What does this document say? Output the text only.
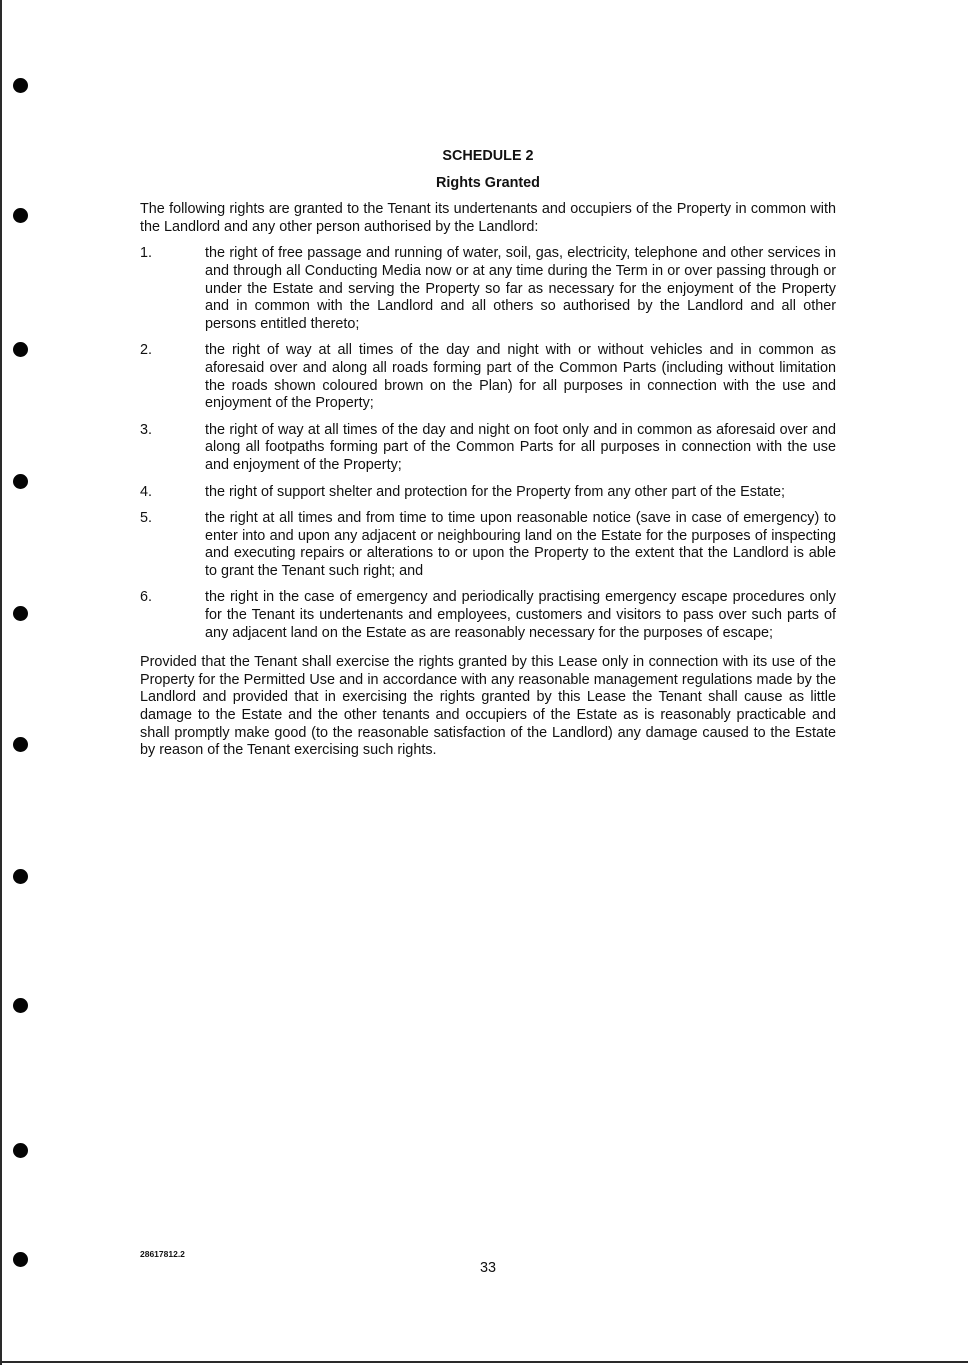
SCHEDULE 2

Rights Granted

The following rights are granted to the Tenant its undertenants and occupiers of the Property in common with the Landlord and any other person authorised by the Landlord:

1.	the right of free passage and running of water, soil, gas, electricity, telephone and other services in and through all Conducting Media now or at any time during the Term in or over passing through or under the Estate and serving the Property so far as necessary for the enjoyment of the Property and in common with the Landlord and all others so authorised by the Landlord and all other persons entitled thereto;
2.	the right of way at all times of the day and night with or without vehicles and in common as aforesaid over and along all roads forming part of the Common Parts (including without limitation the roads shown coloured brown on the Plan) for all purposes in connection with the use and enjoyment of the Property;
3.	the right of way at all times of the day and night on foot only and in common as aforesaid over and along all footpaths forming part of the Common Parts for all purposes in connection with the use and enjoyment of the Property;
4.	the right of support shelter and protection for the Property from any other part of the Estate;
5.	the right at all times and from time to time upon reasonable notice (save in case of emergency) to enter into and upon any adjacent or neighbouring land on the Estate for the purposes of inspecting and executing repairs or alterations to or upon the Property to the extent that the Landlord is able to grant the Tenant such right; and
6.	the right in the case of emergency and periodically practising emergency escape procedures only for the Tenant its undertenants and employees, customers and visitors to pass over such parts of any adjacent land on the Estate as are reasonably necessary for the purposes of escape;

Provided that the Tenant shall exercise the rights granted by this Lease only in connection with its use of the Property for the Permitted Use and in accordance with any reasonable management regulations made by the Landlord and provided that in exercising the rights granted by this Lease the Tenant shall cause as little damage to the Estate and the other tenants and occupiers of the Estate as is reasonably practicable and shall promptly make good (to the reasonable satisfaction of the Landlord) any damage caused to the Estate by reason of the Tenant exercising such rights.

28617812.2
33
